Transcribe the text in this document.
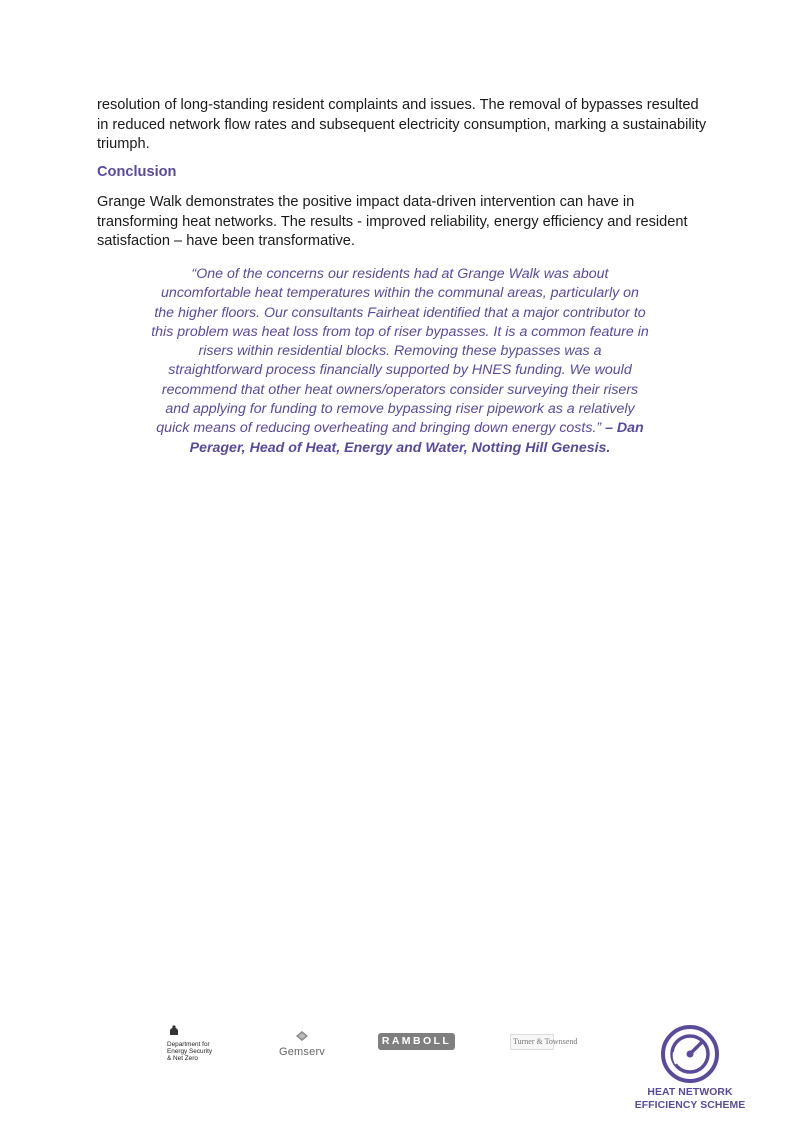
resolution of long-standing resident complaints and issues. The removal of bypasses resulted in reduced network flow rates and subsequent electricity consumption, marking a sustainability triumph.
Conclusion
Grange Walk demonstrates the positive impact data-driven intervention can have in transforming heat networks. The results - improved reliability, energy efficiency and resident satisfaction – have been transformative.
“One of the concerns our residents had at Grange Walk was about uncomfortable heat temperatures within the communal areas, particularly on the higher floors. Our consultants Fairheat identified that a major contributor to this problem was heat loss from top of riser bypasses. It is a common feature in risers within residential blocks. Removing these bypasses was a straightforward process financially supported by HNES funding. We would recommend that other heat owners/operators consider surveying their risers and applying for funding to remove bypassing riser pipework as a relatively quick means of reducing overheating and bringing down energy costs.” – Dan Perager, Head of Heat, Energy and Water, Notting Hill Genesis.
Department for
Energy Security
& Net Zero
Gemserv
RAMBOLL	Turner & Townsend
HEAT NETWORK
EFFICIENCY SCHEME
